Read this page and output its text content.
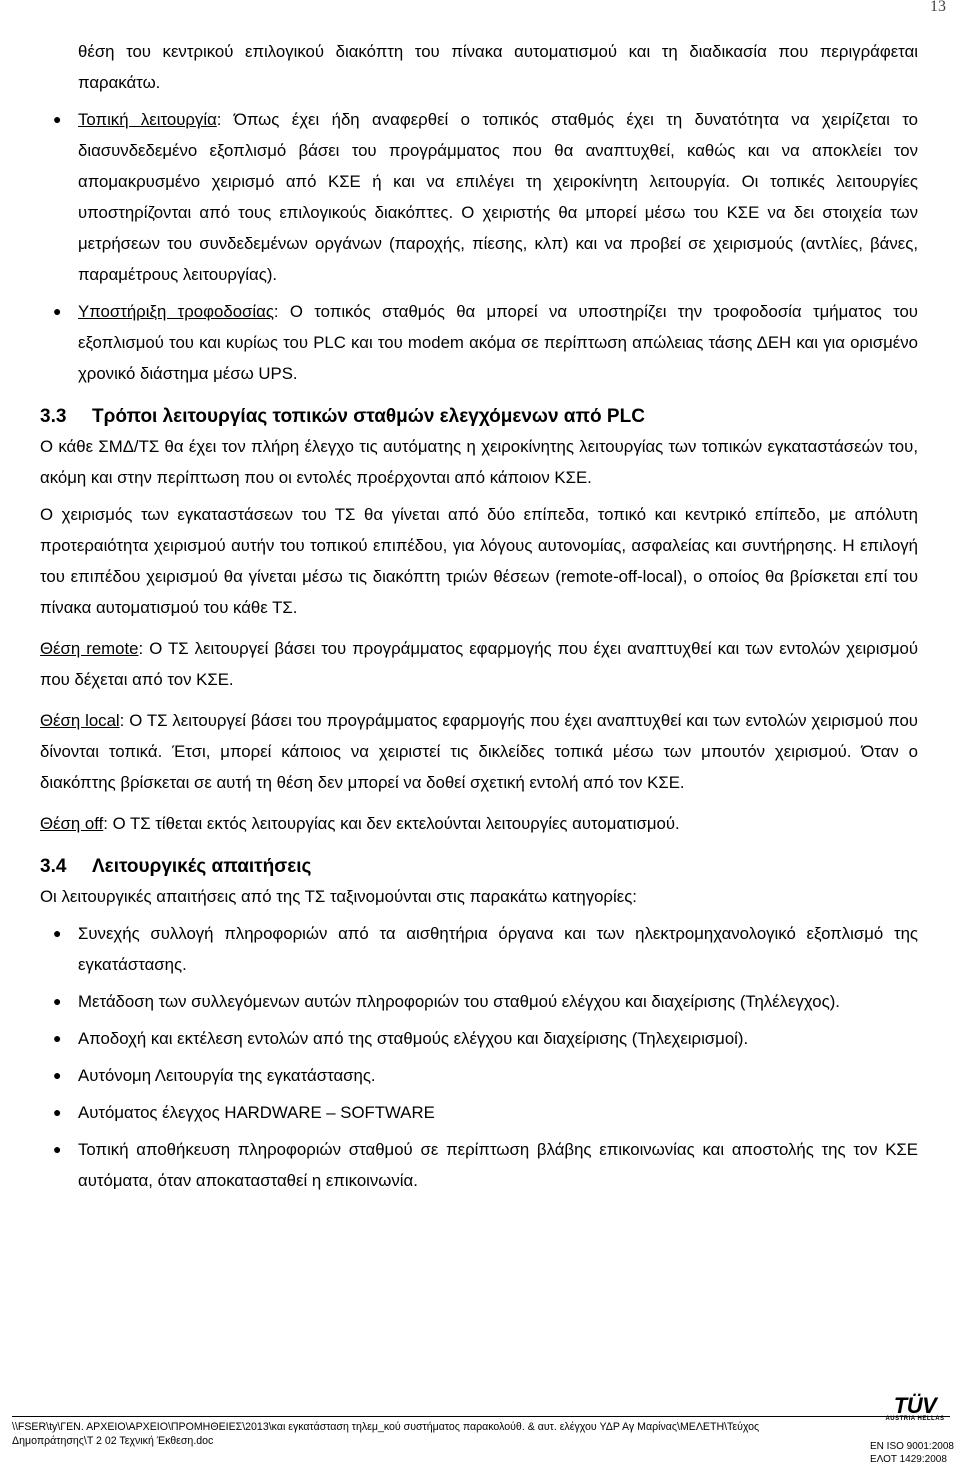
13

θέση του κεντρικού επιλογικού διακόπτη του πίνακα αυτοματισμού και τη διαδικασία που περιγράφεται παρακάτω.

● Τοπική λειτουργία: Όπως έχει ήδη αναφερθεί ο τοπικός σταθμός έχει τη δυνατότητα να χειρίζεται το διασυνδεδεμένο εξοπλισμό βάσει του προγράμματος που θα αναπτυχθεί, καθώς και να αποκλείει τον απομακρυσμένο χειρισμό από ΚΣΕ ή και να επιλέγει τη χειροκίνητη λειτουργία. Οι τοπικές λειτουργίες υποστηρίζονται από τους επιλογικούς διακόπτες. Ο χειριστής θα μπορεί μέσω του ΚΣΕ να δει στοιχεία των μετρήσεων του συνδεδεμένων οργάνων (παροχής, πίεσης, κλπ) και να προβεί σε χειρισμούς (αντλίες, βάνες, παραμέτρους λειτουργίας).
● Υποστήριξη τροφοδοσίας: Ο τοπικός σταθμός θα μπορεί να υποστηρίζει την τροφοδοσία τμήματος του εξοπλισμού του και κυρίως του PLC και του modem ακόμα σε περίπτωση απώλειας τάσης ΔΕΗ και για ορισμένο χρονικό διάστημα μέσω UPS.
3.3 Τρόποι λειτουργίας τοπικών σταθμών ελεγχόμενων από PLC

Ο κάθε ΣΜΔ/ΤΣ θα έχει τον πλήρη έλεγχο τις αυτόματης η χειροκίνητης λειτουργίας των τοπικών εγκαταστάσεών του, ακόμη και στην περίπτωση που οι εντολές προέρχονται από κάποιον ΚΣΕ.

Ο χειρισμός των εγκαταστάσεων του ΤΣ θα γίνεται από δύο επίπεδα, τοπικό και κεντρικό επίπεδο, με απόλυτη προτεραιότητα χειρισμού αυτήν του τοπικού επιπέδου, για λόγους αυτονομίας, ασφαλείας και συντήρησης. Η επιλογή του επιπέδου χειρισμού θα γίνεται μέσω τις διακόπτη τριών θέσεων (remote-off-local), ο οποίος θα βρίσκεται επί του πίνακα αυτοματισμού του κάθε ΤΣ.

Θέση remote: Ο ΤΣ λειτουργεί βάσει του προγράμματος εφαρμογής που έχει αναπτυχθεί και των εντολών χειρισμού που δέχεται από τον ΚΣΕ.

Θέση local: Ο ΤΣ λειτουργεί βάσει του προγράμματος εφαρμογής που έχει αναπτυχθεί και των εντολών χειρισμού που δίνονται τοπικά. Έτσι, μπορεί κάποιος να χειριστεί τις δικλείδες τοπικά μέσω των μπουτόν χειρισμού. Όταν ο διακόπτης βρίσκεται σε αυτή τη θέση δεν μπορεί να δοθεί σχετική εντολή από τον ΚΣΕ.

Θέση off: Ο ΤΣ τίθεται εκτός λειτουργίας και δεν εκτελούνται λειτουργίες αυτοματισμού.

3.4 Λειτουργικές απαιτήσεις

Οι λειτουργικές απαιτήσεις από της ΤΣ ταξινομούνται στις παρακάτω κατηγορίες:

● Συνεχής συλλογή πληροφοριών από τα αισθητήρια όργανα και των ηλεκτρομηχανολογικό εξοπλισμό της εγκατάστασης.
● Μετάδοση των συλλεγόμενων αυτών πληροφοριών του σταθμού ελέγχου και διαχείρισης (Τηλέλεγχος).
● Αποδοχή και εκτέλεση εντολών από της σταθμούς ελέγχου και διαχείρισης (Τηλεχειρισμοί).
● Αυτόνομη Λειτουργία της εγκατάστασης.
● Αυτόματος έλεγχος HARDWARE – SOFTWARE
● Τοπική αποθήκευση πληροφοριών σταθμού σε περίπτωση βλάβης επικοινωνίας και αποστολής της τον ΚΣΕ αυτόματα, όταν αποκατασταθεί η επικοινωνία.
\\FSER\ty\ΓΕΝ. ΑΡΧΕΙΟ\ΑΡΧΕΙΟ\ΠΡΟΜΗΘΕΙΕΣ\2013\και εγκατάσταση τηλεμ_κού συστήματος παρακολούθ. & αυτ. ελέγχου ΥΔΡ Αγ Μαρίνας\ΜΕΛΕΤΗ\Τεύχος
Δημοπράτησης\Τ 2 02 Τεχνική Έκθεση.doc
TÜV
AUSTRIA HELLAS
EN ISO 9001:2008
ΕΛΟΤ 1429:2008
